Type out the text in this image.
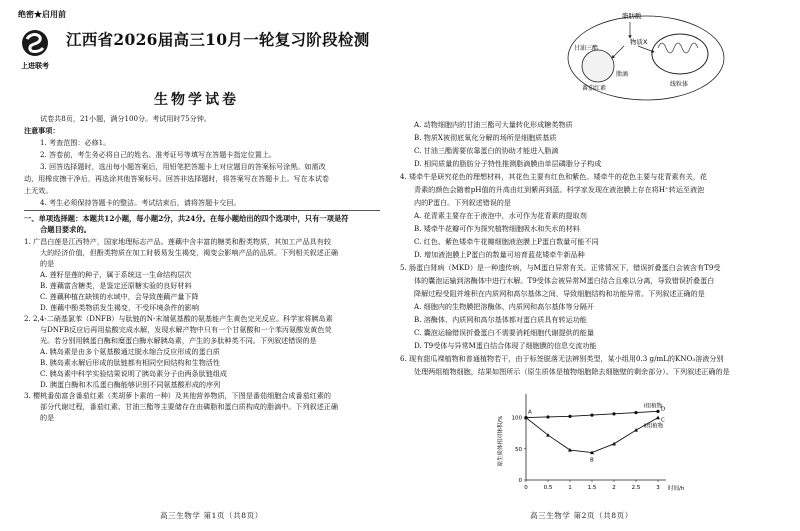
绝密★启用前
上进联考
江西省2026届高三10月一轮复习阶段检测
生物学试卷
试卷共8页，21小题，满分100分。考试用时75分钟。
注意事项：
1. 考查范围：必修1。
2. 答卷前，考生务必将自己的姓名、准考证号等填写在答题卡指定位置上。
3. 回答选择题时，选出每小题答案后，用铅笔把答题卡上对应题目的答案标号涂黑。如需改
动，用橡皮擦干净后，再选涂其他答案标号。回答非选择题时，将答案写在答题卡上。写在本试卷
上无效。
4. 考生必须保持答题卡的整洁。考试结束后，请将答题卡交回。
一、单项选择题：本题共12小题，每小题2分，共24分。在每小题给出的四个选项中，只有一项是符
合题目要求的。
1. 广昌白莲是江西特产，国家地理标志产品。莲藕中含丰富的糖类和酚类物质，其加工产品具有较
大的经济价值，但酚类物质在加工时极易发生褐变，褐变会影响产品的品质。下列相关叙述正确
的是
A. 莲籽是莲的种子，属于系统这一生命结构层次
B. 莲藕富含糖类，是鉴定还原糖实验的良好材料
C. 莲藕种植在缺镁的水域中，会导致莲藕产量下降
D. 莲藕中酚类物质发生褐变，不受环境条件的影响
2. 2,4-二硝基氯苯（DNFB）与肽链的N-末端氨基酸的氨基能产生黄色完光反应。科学家将胰岛素
与DNFB反应后再用盐酸完成水解，发现水解产物中只有一个甘氨酸和一个苯丙氨酸发黄色荧
光。若分别用胰蛋白酶和糜蛋白酶水解胰岛素，产生的多肽种类不同。下列叙述错误的是
A. 胰岛素是由多个氨基酸通过脱水缩合反应形成的蛋白质
B. 胰岛素水解后形成的肽链都有相同空间结构和生物活性
C. 胰岛素中科学实验结果说明了胰岛素分子由两条肽链组成
D. 胰蛋白酶和木瓜蛋白酶能够识别不同氨基酸形成的序列
3. 樱桃番茄富含番茄红素（类胡萝卜素的一种）及其他营养物质，下图是番茄细胞合成番茄红素的
部分代谢过程，番茄红素、甘油三酯等主要储存在由磷脂和蛋白质构成的脂滴中。下列叙述正确
的是
高三生物学 第1页（共8页）
脂肪酸
物质X
甘油三酯
番茄红素
脂滴
线粒体
A. 动物细胞内的甘油三酯可大量转化形成糖类物质
B. 物质X被彻底氧化分解的场所是细胞质基质
C. 甘油三酯需要依靠蛋白的协助才能进入脂滴
D. 相同质量的脂肪分子特性推测脂滴膜由单层磷脂分子构成
4. 矮牵牛是研究花色的理想材料，其花色主要有红色和紫色。矮牵牛的花色主要与花青素有关，花
青素的颜色会随着pH值的升高由红到紫再到蓝。科学家发现在液泡膜上存在将H⁺转运至液泡
内的P蛋白。下列叙述错误的是
A. 花青素主要存在于液泡中，水可作为花青素的提取剂
B. 矮牵牛花瓣可作为探究植物细胞吸水和失水的材料
C. 红色、紫色矮牵牛花瓣细胞液泡膜上P蛋白数量可能不同
D. 增加液泡膜上P蛋白的数量可培育蓝花矮牵牛新品种
5. 肠蛋白肾病（MKD）是一种遗传病，与M蛋白异常有关。正常情况下，错误折叠蛋白会被含有T9受
体的囊泡运输到溶酶体中进行水解。T9受体会被异常M蛋白结合且难以分离，导致错误折叠蛋白
降解过程受阻并堆积在内质网和高尔基体之间，导致细胞结构和功能异常。下列叙述正确的是
A. 细胞内的生物膜把溶酶体、内质网和高尔基体等分隔开
B. 溶酶体、内质网和高尔基体都对蛋白质具有转运功能
C. 囊泡运输错误折叠蛋白不需要消耗细胞代谢提供的能量
D. T9受体与异常M蛋白结合体现了细胞膜的信息交流功能
6. 现有甜瓜裸植物和普通植物若干，由于标签脱落无法辨别类型，某小组用0.3 g/mL的KNO₃溶液分别
处理两组植物细胞，结果如图所示（原生质体是植物细胞除去细胞壁的剩余部分）。下列叙述正确的是
原生质体相对体积/%
时间/h
0
50
100
0	0.5	1	1.5	2	2.5	3
Ⅰ组植物
Ⅱ组植物
A
B
C
D
高三生物学 第2页（共8页）
